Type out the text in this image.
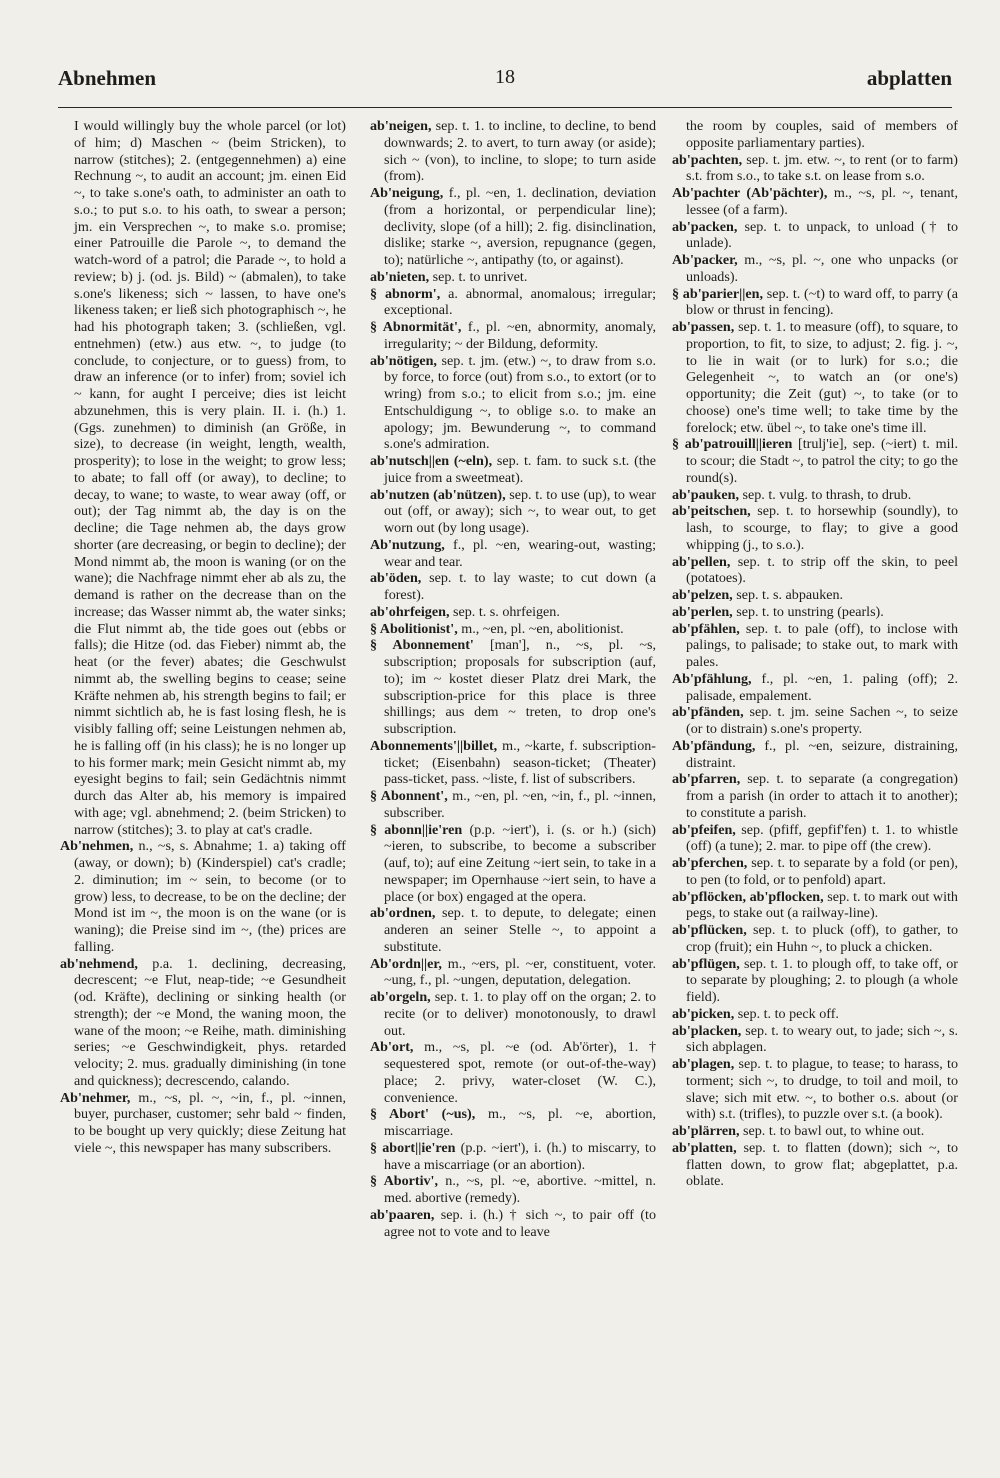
Abnehmen	18	abplatten

I would willingly buy the whole parcel (or lot) of him; d) Maschen ~ (beim Stricken), to narrow (stitches); 2. (entgegennehmen) a) eine Rechnung ~, to audit an account; jm. einen Eid ~, to take s.one's oath, to administer an oath to s.o.; to put s.o. to his oath, to swear a person; jm. ein Versprechen ~, to make s.o. promise; einer Patrouille die Parole ~, to demand the watch-word of a patrol; die Parade ~, to hold a review; b) j. (od. js. Bild) ~ (abmalen), to take s.one's likeness; sich ~ lassen, to have one's likeness taken; er ließ sich photographisch ~, he had his photograph taken; 3. (schließen, vgl. entnehmen) (etw.) aus etw. ~, to judge (to conclude, to conjecture, or to guess) from, to draw an inference (or to infer) from; soviel ich ~ kann, for aught I perceive; dies ist leicht abzunehmen, this is very plain. II. i. (h.) 1. (Ggs. zunehmen) to diminish (an Größe, in size), to decrease (in weight, length, wealth, prosperity); to lose in the weight; to grow less; to abate; to fall off (or away), to decline; to decay, to wane; to waste, to wear away (off, or out); der Tag nimmt ab, the day is on the decline; die Tage nehmen ab, the days grow shorter (are decreasing, or begin to decline); der Mond nimmt ab, the moon is waning (or on the wane); die Nachfrage nimmt eher ab als zu, the demand is rather on the decrease than on the increase; das Wasser nimmt ab, the water sinks; die Flut nimmt ab, the tide goes out (ebbs or falls); die Hitze (od. das Fieber) nimmt ab, the heat (or the fever) abates; die Geschwulst nimmt ab, the swelling begins to cease; seine Kräfte nehmen ab, his strength begins to fail; er nimmt sichtlich ab, he is fast losing flesh, he is visibly falling off; seine Leistungen nehmen ab, he is falling off (in his class); he is no longer up to his former mark; mein Gesicht nimmt ab, my eyesight begins to fail; sein Gedächtnis nimmt durch das Alter ab, his memory is impaired with age; vgl. abnehmend; 2. (beim Stricken) to narrow (stitches); 3. to play at cat's cradle.

Ab'nehmen, n., ~s, s. Abnahme; 1. a) taking off (away, or down); b) (Kinderspiel) cat's cradle; 2. diminution; im ~ sein, to become (or to grow) less, to decrease, to be on the decline; der Mond ist im ~, the moon is on the wane (or is waning); die Preise sind im ~, (the) prices are falling.

ab'nehmend, p.a. 1. declining, decreasing, decrescent; ~e Flut, neap-tide; ~e Gesundheit (od. Kräfte), declining or sinking health (or strength); der ~e Mond, the waning moon, the wane of the moon; ~e Reihe, math. diminishing series; ~e Geschwindigkeit, phys. retarded velocity; 2. mus. gradually diminishing (in tone and quickness); decrescendo, calando.

Ab'nehmer, m., ~s, pl. ~, ~in, f., pl. ~innen, buyer, purchaser, customer; sehr bald ~ finden, to be bought up very quickly; diese Zeitung hat viele ~, this newspaper has many subscribers.

ab'neigen, sep. t. 1. to incline, to decline, to bend downwards; 2. to avert, to turn away (or aside); sich ~ (von), to incline, to slope; to turn aside (from).

Ab'neigung, f., pl. ~en, 1. declination, deviation (from a horizontal, or perpendicular line); declivity, slope (of a hill); 2. fig. disinclination, dislike; starke ~, aversion, repugnance (gegen, to); natürliche ~, antipathy (to, or against).

ab'nieten, sep. t. to unrivet.

§ abnorm', a. abnormal, anomalous; irregular; exceptional.

§ Abnormität', f., pl. ~en, abnormity, anomaly, irregularity; ~ der Bildung, deformity.

ab'nötigen, sep. t. jm. (etw.) ~, to draw from s.o. by force, to force (out) from s.o., to extort (or to wring) from s.o.; to elicit from s.o.; jm. eine Entschuldigung ~, to oblige s.o. to make an apology; jm. Bewunderung ~, to command s.one's admiration.

ab'nutsch||en (~eln), sep. t. fam. to suck s.t. (the juice from a sweetmeat).

ab'nutzen (ab'nützen), sep. t. to use (up), to wear out (off, or away); sich ~, to wear out, to get worn out (by long usage).

Ab'nutzung, f., pl. ~en, wearing-out, wasting; wear and tear.

ab'öden, sep. t. to lay waste; to cut down (a forest).

ab'ohrfeigen, sep. t. s. ohrfeigen.

§ Abolitionist', m., ~en, pl. ~en, abolitionist.

§ Abonnement' [man'], n., ~s, pl. ~s, subscription; proposals for subscription (auf, to); im ~ kostet dieser Platz drei Mark, the subscription-price for this place is three shillings; aus dem ~ treten, to drop one's subscription.

Abonnements'||billet, m., ~karte, f. subscription-ticket; (Eisenbahn) season-ticket; (Theater) pass-ticket, pass. ~liste, f. list of subscribers.

§ Abonnent', m., ~en, pl. ~en, ~in, f., pl. ~innen, subscriber.

§ abonn||ie'ren (p.p. ~iert'), i. (s. or h.) (sich) ~ieren, to subscribe, to become a subscriber (auf, to); auf eine Zeitung ~iert sein, to take in a newspaper; im Opernhause ~iert sein, to have a place (or box) engaged at the opera.

ab'ordnen, sep. t. to depute, to delegate; einen anderen an seiner Stelle ~, to appoint a substitute.

Ab'ordn||er, m., ~ers, pl. ~er, constituent, voter. ~ung, f., pl. ~ungen, deputation, delegation.

ab'orgeln, sep. t. 1. to play off on the organ; 2. to recite (or to deliver) monotonously, to drawl out.

Ab'ort, m., ~s, pl. ~e (od. Ab'örter), 1. † sequestered spot, remote (or out-of-the-way) place; 2. privy, water-closet (W. C.), convenience.

§ Abort' (~us), m., ~s, pl. ~e, abortion, miscarriage.

§ abort||ie'ren (p.p. ~iert'), i. (h.) to miscarry, to have a miscarriage (or an abortion).

§ Abortiv', n., ~s, pl. ~e, abortive. ~mittel, n. med. abortive (remedy).

ab'paaren, sep. i. (h.) † sich ~, to pair off (to agree not to vote and to leave

the room by couples, said of members of opposite parliamentary parties).

ab'pachten, sep. t. jm. etw. ~, to rent (or to farm) s.t. from s.o., to take s.t. on lease from s.o.

Ab'pachter (Ab'pächter), m., ~s, pl. ~, tenant, lessee (of a farm).

ab'packen, sep. t. to unpack, to unload († to unlade).

Ab'packer, m., ~s, pl. ~, one who unpacks (or unloads).

§ ab'parier||en, sep. t. (~t) to ward off, to parry (a blow or thrust in fencing).

ab'passen, sep. t. 1. to measure (off), to square, to proportion, to fit, to size, to adjust; 2. fig. j. ~, to lie in wait (or to lurk) for s.o.; die Gelegenheit ~, to watch an (or one's) opportunity; die Zeit (gut) ~, to take (or to choose) one's time well; to take time by the forelock; etw. übel ~, to take one's time ill.

§ ab'patrouill||ieren [trulj'ie], sep. (~iert) t. mil. to scour; die Stadt ~, to patrol the city; to go the round(s).

ab'pauken, sep. t. vulg. to thrash, to drub.

ab'peitschen, sep. t. to horsewhip (soundly), to lash, to scourge, to flay; to give a good whipping (j., to s.o.).

ab'pellen, sep. t. to strip off the skin, to peel (potatoes).

ab'pelzen, sep. t. s. abpauken.

ab'perlen, sep. t. to unstring (pearls).

ab'pfählen, sep. t. to pale (off), to inclose with palings, to palisade; to stake out, to mark with pales.

Ab'pfählung, f., pl. ~en, 1. paling (off); 2. palisade, empalement.

ab'pfänden, sep. t. jm. seine Sachen ~, to seize (or to distrain) s.one's property.

Ab'pfändung, f., pl. ~en, seizure, distraining, distraint.

ab'pfarren, sep. t. to separate (a congregation) from a parish (in order to attach it to another); to constitute a parish.

ab'pfeifen, sep. (pfiff, gepfif'fen) t. 1. to whistle (off) (a tune); 2. mar. to pipe off (the crew).

ab'pferchen, sep. t. to separate by a fold (or pen), to pen (to fold, or to penfold) apart.

ab'pflöcken, ab'pflocken, sep. t. to mark out with pegs, to stake out (a railway-line).

ab'pflücken, sep. t. to pluck (off), to gather, to crop (fruit); ein Huhn ~, to pluck a chicken.

ab'pflügen, sep. t. 1. to plough off, to take off, or to separate by ploughing; 2. to plough (a whole field).

ab'picken, sep. t. to peck off.

ab'placken, sep. t. to weary out, to jade; sich ~, s. sich abplagen.

ab'plagen, sep. t. to plague, to tease; to harass, to torment; sich ~, to drudge, to toil and moil, to slave; sich mit etw. ~, to bother o.s. about (or with) s.t. (trifles), to puzzle over s.t. (a book).

ab'plärren, sep. t. to bawl out, to whine out.

ab'platten, sep. t. to flatten (down); sich ~, to flatten down, to grow flat; abgeplattet, p.a. oblate.
